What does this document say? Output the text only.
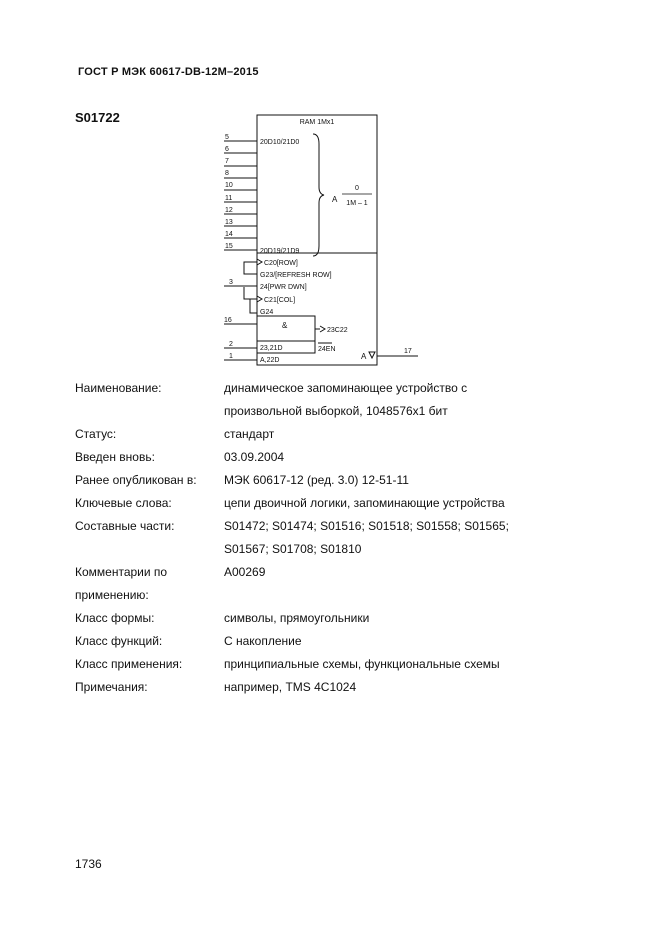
ГОСТ Р МЭК 60617-DB-12М–2015
S01722	RAM 1Mx1
20D10/21D0
20D19/21D9
A
0
1M – 1
C20[ROW]
G23/[REFRESH ROW]
24[PWR DWN]
C21[COL]
G24
&
23C22
23,21D	24EN
A,22D	A
5
6
7
8
10
11
12
13
14
15
3
16
2
1
17
Наименование:	динамическое запоминающее устройство с
произвольной выборкой, 1048576х1 бит
Статус:	стандарт
Введен вновь:	03.09.2004
Ранее опубликован в:	МЭК 60617-12 (ред. 3.0) 12-51-11
Ключевые слова:	цепи двоичной логики, запоминающие устройства
Составные части:	S01472; S01474; S01516; S01518; S01558; S01565;
S01567; S01708; S01810
Комментарии по
применению:
A00269
Класс формы:	символы, прямоугольники
Класс функций:	С накопление
Класс применения:	принципиальные схемы, функциональные схемы
Примечания:	например, TMS 4C1024
1736
